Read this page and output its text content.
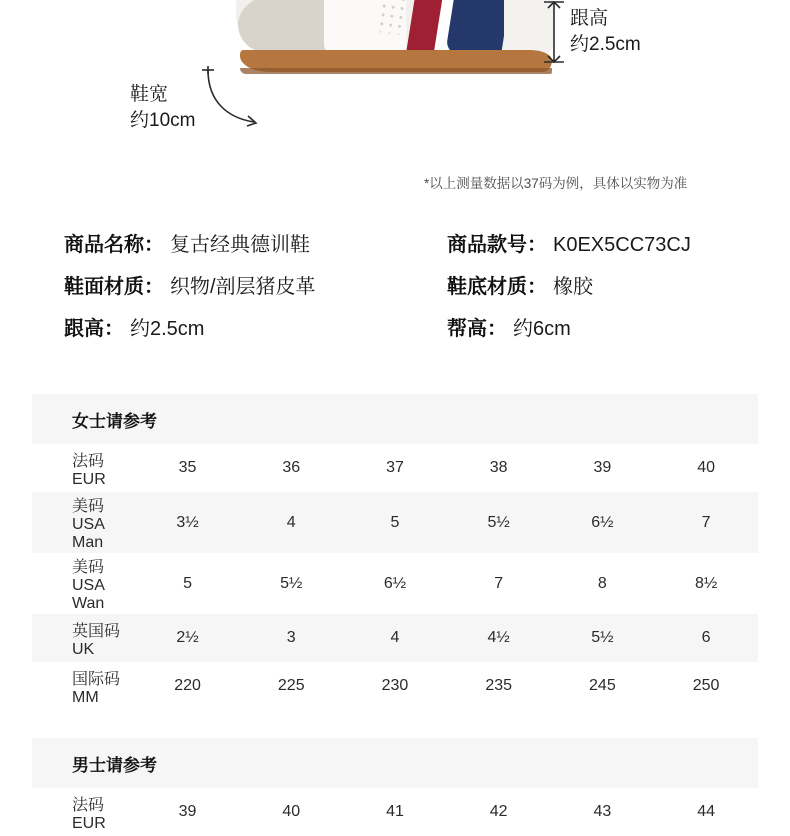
跟高
约2.5cm
鞋宽
约10cm
*以上测量数据以37码为例，具体以实物为准
商品名称： 复古经典德训鞋	商品款号： K0EX5CC73CJ
鞋面材质： 织物/剖层猪皮革	鞋底材质： 橡胶
跟高： 约2.5cm	帮高： 约6cm
女士请参考						
法码EUR	35	36	37	38	39	40
美码USA Man	3½	4	5	5½	6½	7
美码USA Wan	5	5½	6½	7	8	8½
英国码UK	2½	3	4	4½	5½	6
国际码MM	220	225	230	235	245	250
男士请参考
法码EUR	39	40	41	42	43	44
